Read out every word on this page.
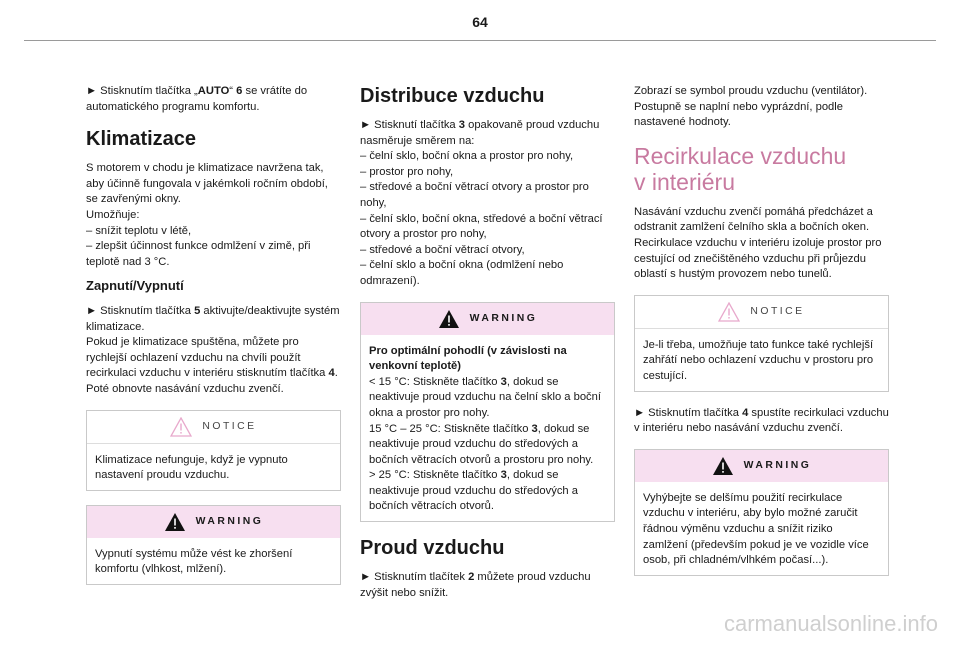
64

► Stisknutím tlačítka „AUTO“ 6 se vrátíte do automatického programu komfortu.

Klimatizace

S motorem v chodu je klimatizace navržena tak,
aby účinně fungovala v jakémkoli ročním období,
se zavřenými okny.
Umožňuje:
– snížit teplotu v létě,
– zlepšit účinnost funkce odmlžení v zimě, při
teplotě nad 3 °C.

Zapnutí/Vypnutí

► Stisknutím tlačítka 5 aktivujte/deaktivujte systém klimatizace.
Pokud je klimatizace spuštěna, můžete pro rychlejší ochlazení vzduchu na chvíli použít recirkulaci vzduchu v interiéru stisknutím tlačítka 4. Poté obnovte nasávání vzduchu zvenčí.

NOTICE
Klimatizace nefunguje, když je vypnuto nastavení proudu vzduchu.
WARNING
Vypnutí systému může vést ke zhoršení komfortu (vlhkost, mlžení).
Distribuce vzduchu

► Stisknutí tlačítka 3 opakovaně proud vzduchu nasměruje směrem na:
– čelní sklo, boční okna a prostor pro nohy,
– prostor pro nohy,
– středové a boční větrací otvory a prostor pro nohy,
– čelní sklo, boční okna, středové a boční větrací otvory a prostor pro nohy,
– středové a boční větrací otvory,
– čelní sklo a boční okna (odmlžení nebo odmrazení).

WARNING
Pro optimální pohodlí (v závislosti na venkovní teplotě)
< 15 °C: Stiskněte tlačítko 3, dokud se neaktivuje proud vzduchu na čelní sklo a boční okna a prostor pro nohy.
15 °C – 25 °C: Stiskněte tlačítko 3, dokud se neaktivuje proud vzduchu do středových a bočních větracích otvorů a prostoru pro nohy.
> 25 °C: Stiskněte tlačítko 3, dokud se neaktivuje proud vzduchu do středových a bočních větracích otvorů.
Proud vzduchu

► Stisknutím tlačítek 2 můžete proud vzduchu zvýšit nebo snížit.

Zobrazí se symbol proudu vzduchu (ventilátor). Postupně se naplní nebo vyprázdní, podle nastavené hodnoty.

Recirkulace vzduchu
v interiéru

Nasávání vzduchu zvenčí pomáhá předcházet a odstranit zamlžení čelního skla a bočních oken.
Recirkulace vzduchu v interiéru izoluje prostor pro cestující od znečištěného vzduchu při průjezdu oblastí s hustým provozem nebo tunelů.

NOTICE
Je-li třeba, umožňuje tato funkce také rychlejší zahřátí nebo ochlazení vzduchu v prostoru pro cestující.

► Stisknutím tlačítka 4 spustíte recirkulaci vzduchu v interiéru nebo nasávání vzduchu zvenčí.

WARNING
Vyhýbejte se delšímu použití recirkulace vzduchu v interiéru, aby bylo možné zaručit řádnou výměnu vzduchu a snížit riziko zamlžení (především pokud je ve vozidle více osob, při chladném/vlhkém počasí...).
carmanualsonline.info
